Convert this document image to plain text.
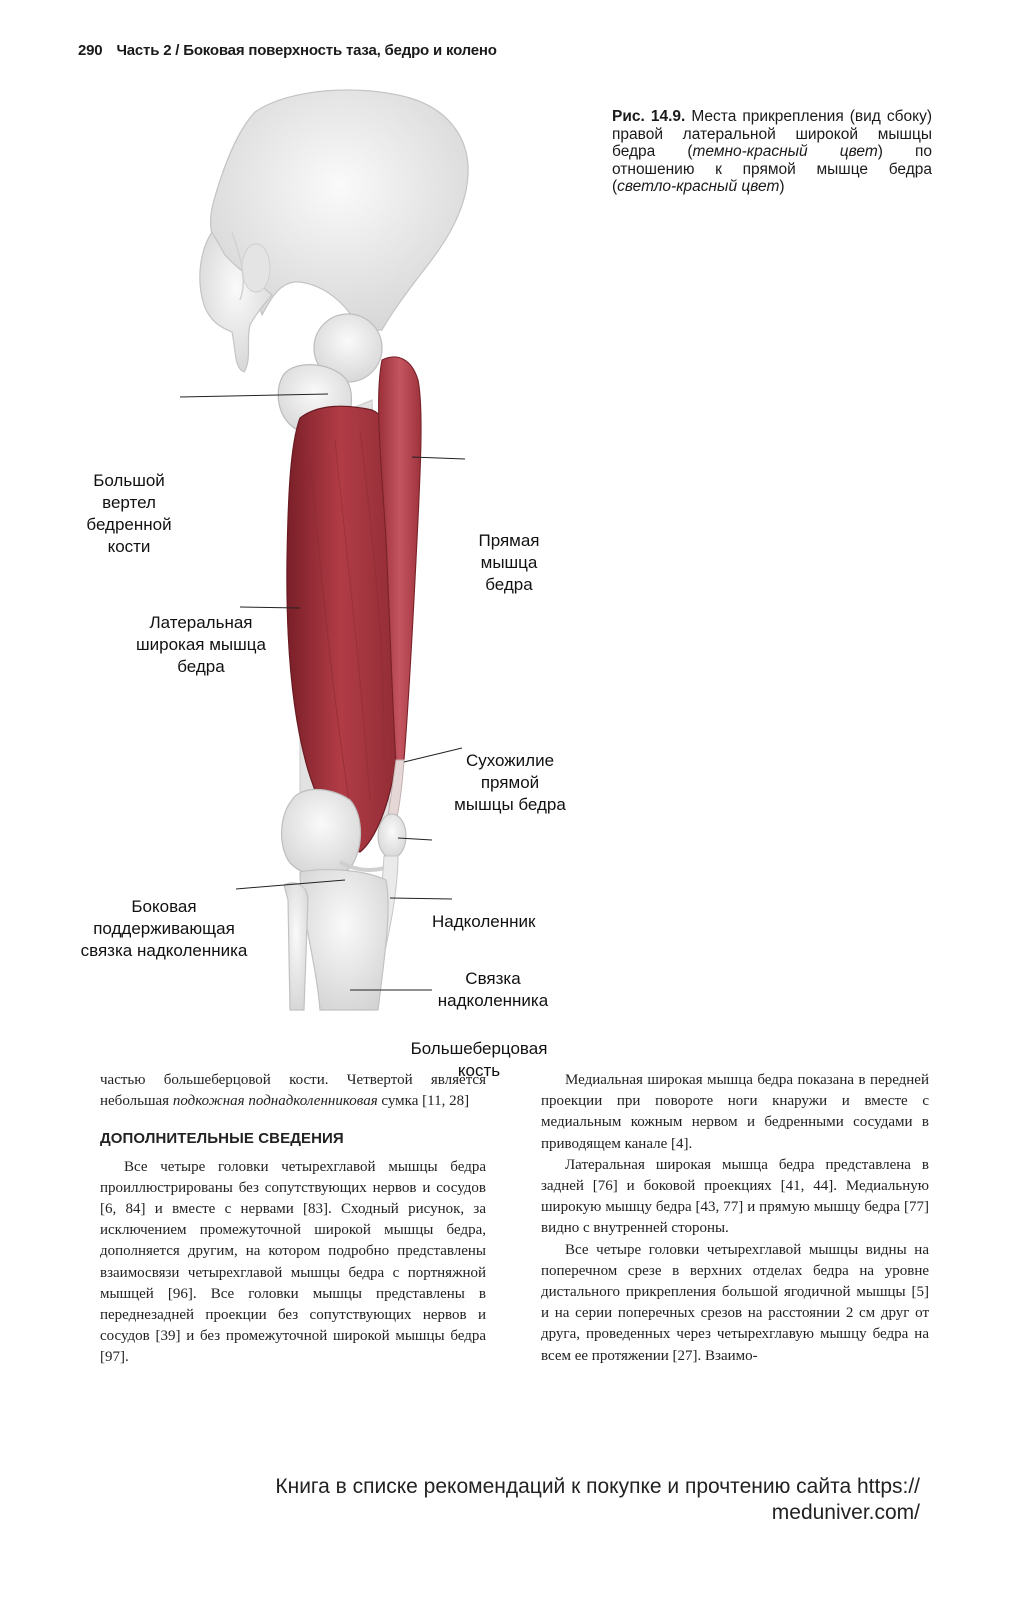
290 Часть 2 / Боковая поверхность таза, бедро и колено
Рис. 14.9. Места прикрепления (вид сбоку) правой латеральной широкой мышцы бедра (темно-красный цвет) по отношению к прямой мышце бедра (светло-красный цвет)
Большой вертел бедренной кости	Прямая мышца бедра
Латеральная широкая мышца бедра
Сухожилие прямой мышцы бедра
Надколенник
Боковая поддерживающая связка надколенника
Связка надколенника
Большеберцовая кость

частью большеберцовой кости. Четвертой является небольшая подкожная поднадколенниковая сумка [11, 28]

ДОПОЛНИТЕЛЬНЫЕ СВЕДЕНИЯ

Все четыре головки четырехглавой мышцы бедра проиллюстрированы без сопутствующих нервов и сосудов [6, 84] и вместе с нервами [83]. Сходный рисунок, за исключением промежуточной широкой мышцы бедра, дополняется другим, на котором подробно представлены взаимосвязи четырехглавой мышцы бедра с портняжной мышцей [96]. Все головки мышцы представлены в переднезадней проекции без сопутствующих нервов и сосудов [39] и без промежуточной широкой мышцы бедра [97].

Медиальная широкая мышца бедра показана в передней проекции при повороте ноги кнаружи и вместе с медиальным кожным нервом и бедренными сосудами в приводящем канале [4].

Латеральная широкая мышца бедра представлена в задней [76] и боковой проекциях [41, 44]. Медиальную широкую мышцу бедра [43, 77] и прямую мышцу бедра [77] видно с внутренней стороны.

Все четыре головки четырехглавой мышцы видны на поперечном срезе в верхних отделах бедра на уровне дистального прикрепления большой ягодичной мышцы [5] и на серии поперечных срезов на расстоянии 2 см друг от друга, проведенных через четырехглавую мышцу бедра на всем ее протяжении [27]. Взаимо-

Книга в списке рекомендаций к покупке и прочтению сайта https:// meduniver.com/
